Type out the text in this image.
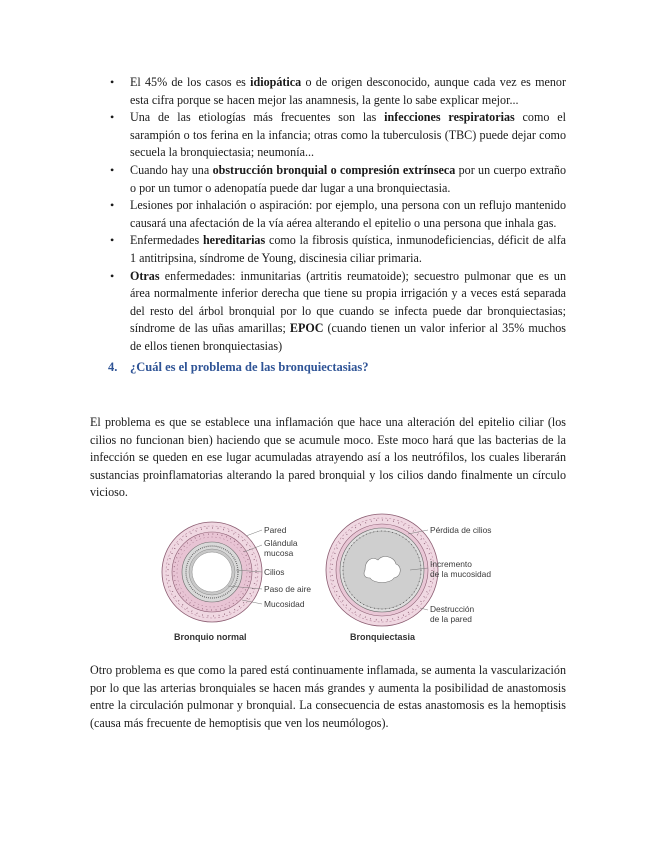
• El 45% de los casos es idiopática o de origen desconocido, aunque cada vez es menor esta cifra porque se hacen mejor las anamnesis, la gente lo sabe explicar mejor...
• Una de las etiologías más frecuentes son las infecciones respiratorias como el sarampión o tos ferina en la infancia; otras como la tuberculosis (TBC) puede dejar como secuela la bronquiectasia; neumonía...
• Cuando hay una obstrucción bronquial o compresión extrínseca por un cuerpo extraño o por un tumor o adenopatía puede dar lugar a una bronquiectasia.
• Lesiones por inhalación o aspiración: por ejemplo, una persona con un reflujo mantenido causará una afectación de la vía aérea alterando el epitelio o una persona que inhala gas.
• Enfermedades hereditarias como la fibrosis quística, inmunodeficiencias, déficit de alfa 1 antitripsina, síndrome de Young, discinesia ciliar primaria.
• Otras enfermedades: inmunitarias (artritis reumatoide); secuestro pulmonar que es un área normalmente inferior derecha que tiene su propia irrigación y a veces está separada del resto del árbol bronquial por lo que cuando se infecta puede dar bronquiectasias; síndrome de las uñas amarillas; EPOC (cuando tienen un valor inferior al 35% muchos de ellos tienen bronquiectasias)
4. ¿Cuál es el problema de las bronquiectasias?

El problema es que se establece una inflamación que hace una alteración del epitelio ciliar (los cilios no funcionan bien) haciendo que se acumule moco. Este moco hará que las bacterias de la infección se queden en ese lugar acumuladas atrayendo así a los neutrófilos, los cuales liberarán sustancias proinflamatorias alterando la pared bronquial y los cilios dando finalmente un círculo vicioso.

Pared
Glándula
mucosa
Cilios
Paso de aire
Mucosidad
Bronquio normal
Pérdida de cilios
Incremento
de la mucosidad
Destrucción
de la pared
Bronquiectasia

Otro problema es que como la pared está continuamente inflamada, se aumenta la vascularización por lo que las arterias bronquiales se hacen más grandes y aumenta la posibilidad de anastomosis entre la circulación pulmonar y bronquial. La consecuencia de estas anastomosis es la hemoptisis (causa más frecuente de hemoptisis que ven los neumólogos).
